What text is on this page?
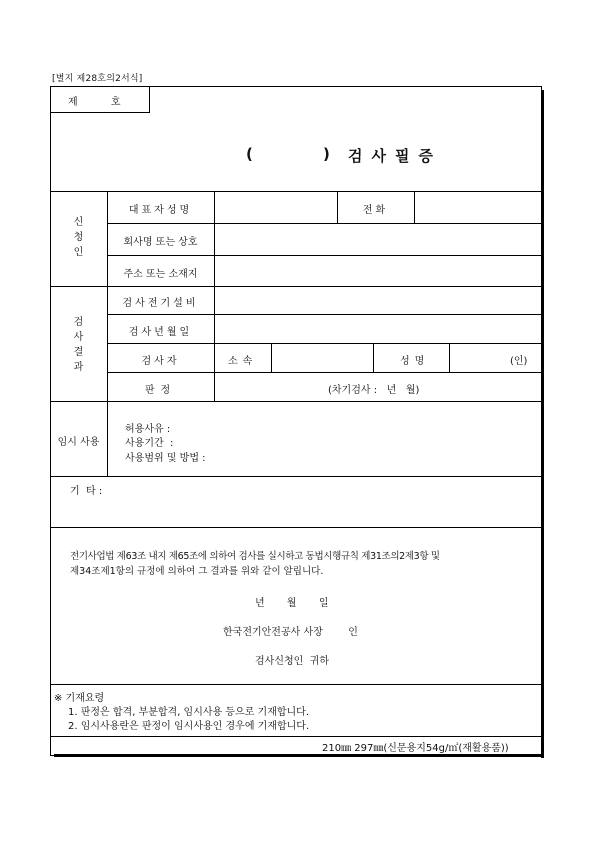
[별지 제28호의2서식]
제 호
(	) 검사필증
신청인
대표자성명	전화
회사명 또는 상호
주소 또는 소재지
검사결과
검사전기설비
검사년월일
검사자	소속	성명	(인)
판정	(차기검사 :   년   월)
임시 사용
허용사유 :
사용기간  :
사용범위 및 방법 :
기  타 :
전기사업법 제63조 내지 제65조에 의하여 검사를 실시하고 동법시행규칙 제31조의2제3항 및
제34조제1항의 규정에 의하여 그 결과를 위와 같이 알립니다.
년       월       일
한국전기안전공사 사장        인
검사신청인  귀하
※ 기재요령
1. 판정은 합격, 부분합격, 임시사용 등으로 기재합니다.
2. 임시사용란은 판정이 임시사용인 경우에 기재합니다.
210㎜ 297㎜(신문용지54g/㎡(재활용품))
